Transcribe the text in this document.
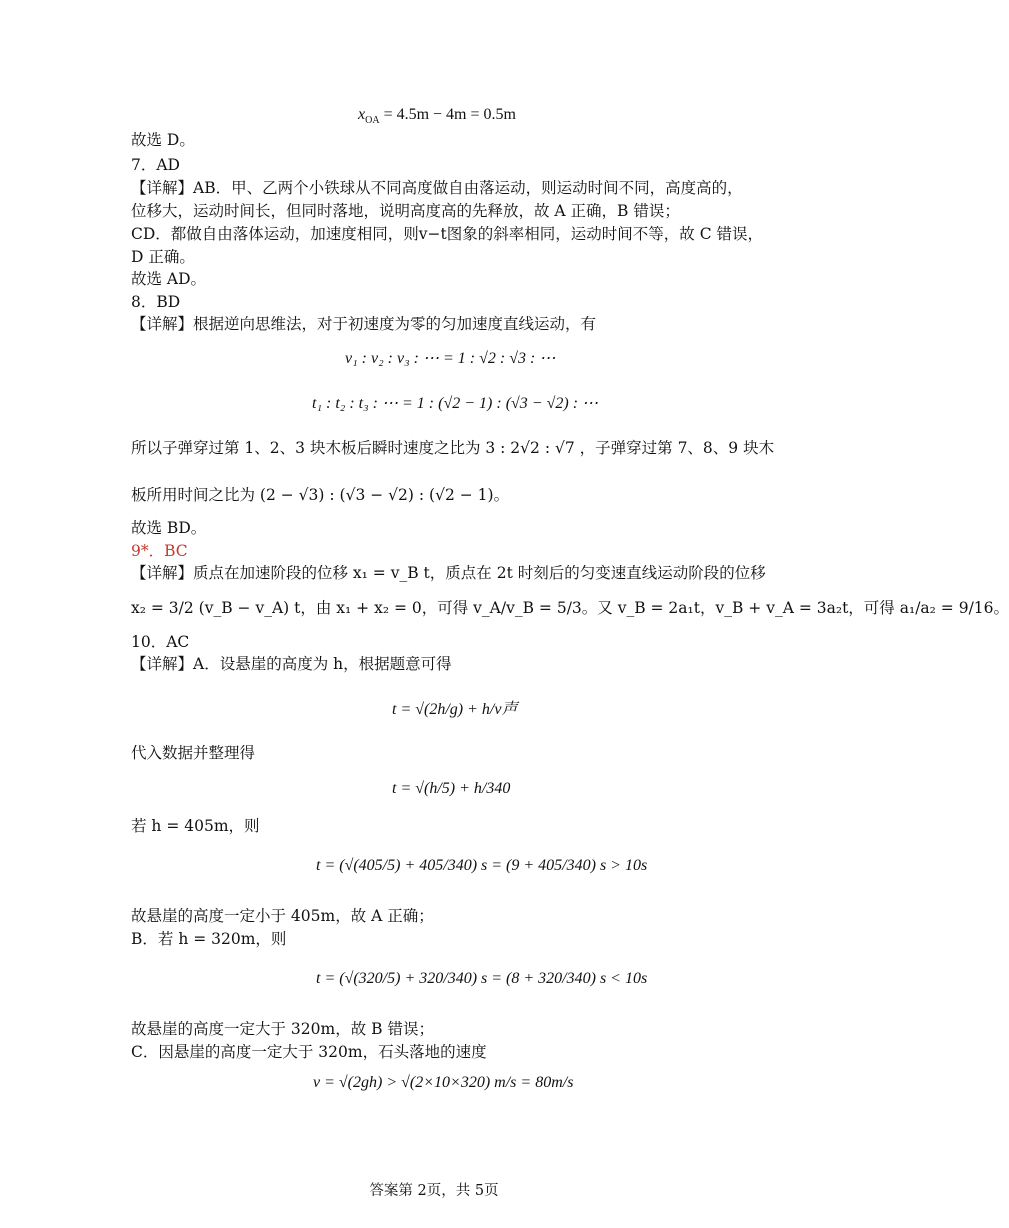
$x_{OA} = 4.5m - 4m = 0.5m$
故选 D。
7．AD
【详解】AB．甲、乙两个小铁球从不同高度做自由落运动，则运动时间不同，高度高的，
位移大，运动时间长，但同时落地，说明高度高的先释放，故 A 正确，B 错误；
CD．都做自由落体运动，加速度相同，则v−t图象的斜率相同，运动时间不等，故 C 错误，
D 正确。
故选 AD。
8．BD
【详解】根据逆向思维法，对于初速度为零的匀加速度直线运动，有
v₁ : v₂ : v₃ : ⋯ = 1 : √2 : √3 : ⋯
t₁ : t₂ : t₃ : ⋯ = 1 : (√2 − 1) : (√3 − √2) : ⋯
所以子弹穿过第 1、2、3 块木板后瞬时速度之比为 3 : 2√2 : √7 ，子弹穿过第 7、8、9 块木
板所用时间之比为 (2 − √3) : (√3 − √2) : (√2 − 1)。
故选 BD。
9*．BC
【详解】质点在加速阶段的位移 x₁ = v_B t，质点在 2t 时刻后的匀变速直线运动阶段的位移
x₂ = 3/2 (v_B − v_A) t，由 x₁ + x₂ = 0，可得 v_A/v_B = 5/3。又 v_B = 2a₁t，v_B + v_A = 3a₂t，可得 a₁/a₂ = 9/16。
10．AC
【详解】A．设悬崖的高度为 h，根据题意可得
t = √(2h/g) + h/v声
代入数据并整理得
t = √(h/5) + h/340
若 h = 405m，则
t = (√(405/5) + 405/340) s = (9 + 405/340) s > 10s
故悬崖的高度一定小于 405m，故 A 正确；
B．若 h = 320m，则
t = (√(320/5) + 320/340) s = (8 + 320/340) s < 10s
故悬崖的高度一定大于 320m，故 B 错误；
C．因悬崖的高度一定大于 320m，石头落地的速度
v = √(2gh) > √(2×10×320) m/s = 80m/s
答案第 2页，共 5页
